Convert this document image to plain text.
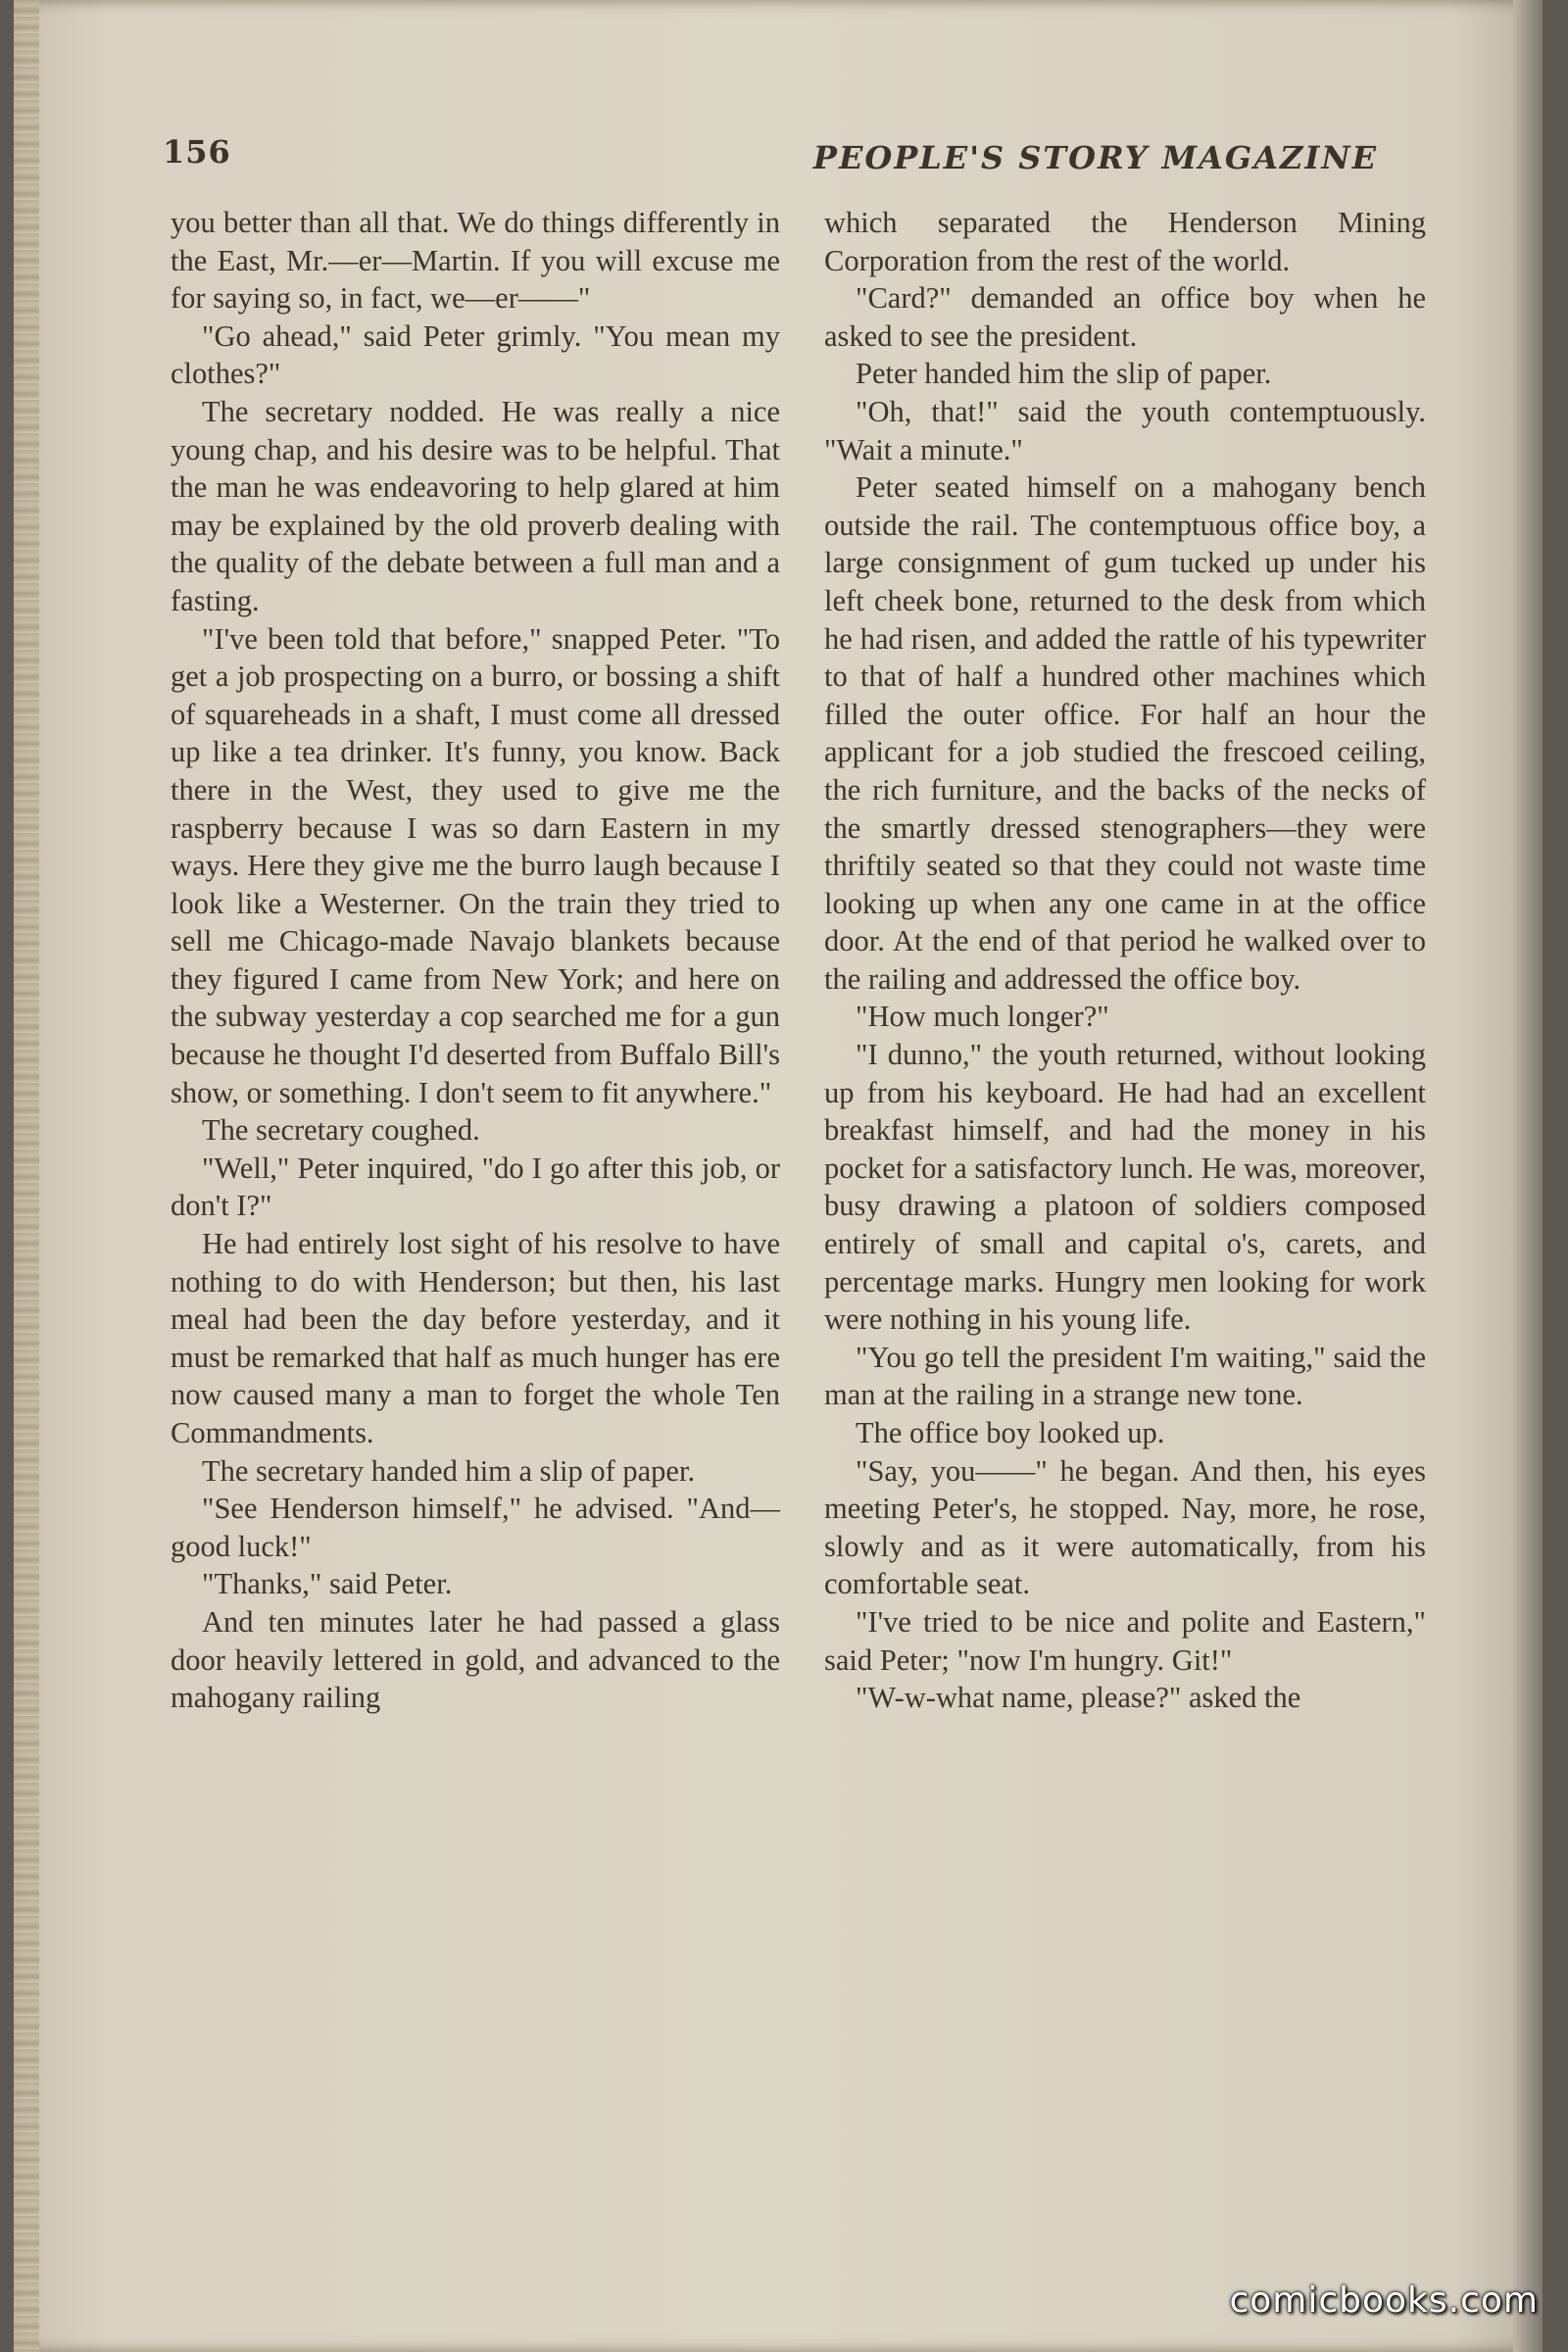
156	PEOPLE'S STORY MAGAZINE

you better than all that. We do things differently in the East, Mr.—er—Martin. If you will excuse me for saying so, in fact, we—er——"

"Go ahead," said Peter grimly. "You mean my clothes?"

The secretary nodded. He was really a nice young chap, and his desire was to be helpful. That the man he was endeavoring to help glared at him may be explained by the old proverb dealing with the quality of the debate between a full man and a fasting.

"I've been told that before," snapped Peter. "To get a job prospecting on a burro, or bossing a shift of squareheads in a shaft, I must come all dressed up like a tea drinker. It's funny, you know. Back there in the West, they used to give me the raspberry because I was so darn Eastern in my ways. Here they give me the burro laugh because I look like a Westerner. On the train they tried to sell me Chicago-made Navajo blankets because they figured I came from New York; and here on the subway yesterday a cop searched me for a gun because he thought I'd deserted from Buffalo Bill's show, or something. I don't seem to fit anywhere."

The secretary coughed.

"Well," Peter inquired, "do I go after this job, or don't I?"

He had entirely lost sight of his resolve to have nothing to do with Henderson; but then, his last meal had been the day before yesterday, and it must be remarked that half as much hunger has ere now caused many a man to forget the whole Ten Commandments.

The secretary handed him a slip of paper.

"See Henderson himself," he advised. "And—good luck!"

"Thanks," said Peter.

And ten minutes later he had passed a glass door heavily lettered in gold, and advanced to the mahogany railing

which separated the Henderson Mining Corporation from the rest of the world.

"Card?" demanded an office boy when he asked to see the president.

Peter handed him the slip of paper.

"Oh, that!" said the youth contemptuously. "Wait a minute."

Peter seated himself on a mahogany bench outside the rail. The contemptuous office boy, a large consignment of gum tucked up under his left cheek bone, returned to the desk from which he had risen, and added the rattle of his typewriter to that of half a hundred other machines which filled the outer office. For half an hour the applicant for a job studied the frescoed ceiling, the rich furniture, and the backs of the necks of the smartly dressed stenographers—they were thriftily seated so that they could not waste time looking up when any one came in at the office door. At the end of that period he walked over to the railing and addressed the office boy.

"How much longer?"

"I dunno," the youth returned, without looking up from his keyboard. He had had an excellent breakfast himself, and had the money in his pocket for a satisfactory lunch. He was, moreover, busy drawing a platoon of soldiers composed entirely of small and capital o's, carets, and percentage marks. Hungry men looking for work were nothing in his young life.

"You go tell the president I'm waiting," said the man at the railing in a strange new tone.

The office boy looked up.

"Say, you——" he began. And then, his eyes meeting Peter's, he stopped. Nay, more, he rose, slowly and as it were automatically, from his comfortable seat.

"I've tried to be nice and polite and Eastern," said Peter; "now I'm hungry. Git!"

"W-w-what name, please?" asked the

comicbooks.com
